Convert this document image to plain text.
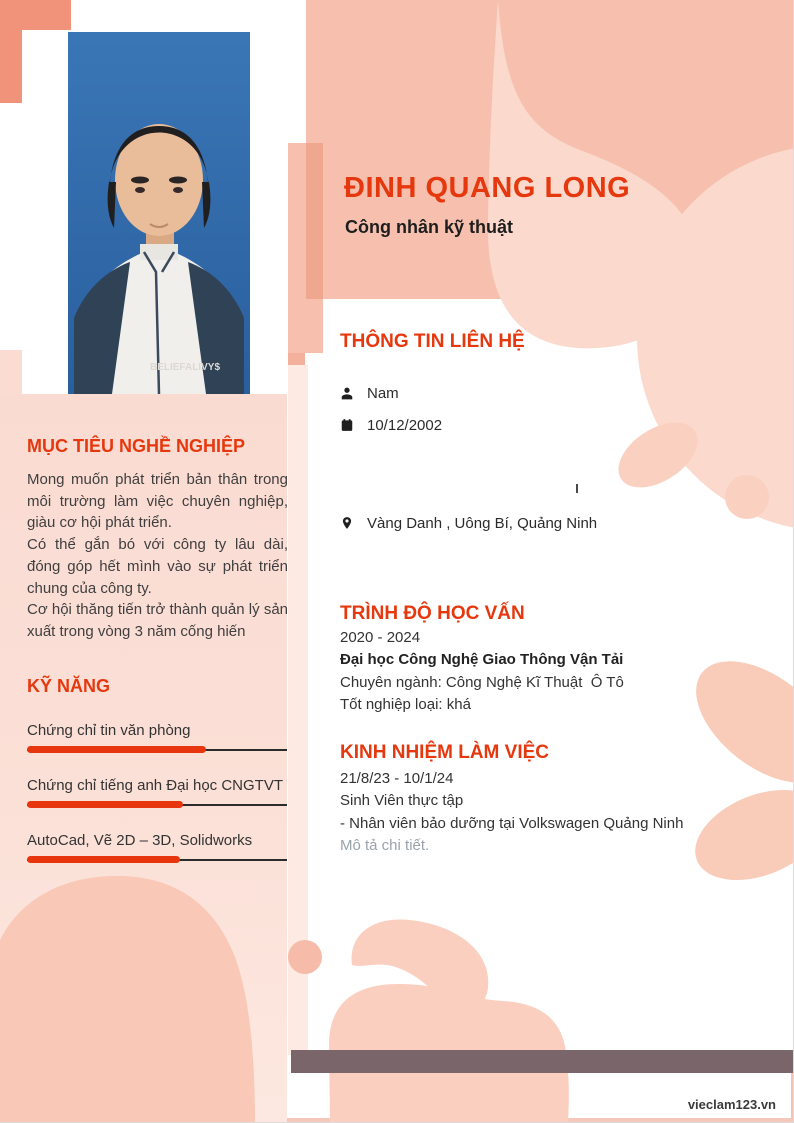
BELIEFALIVY$
ĐINH QUANG LONG
Công nhân kỹ thuật
THÔNG TIN LIÊN HỆ
Nam
10/12/2002
Vàng Danh , Uông Bí, Quảng Ninh
MỤC TIÊU NGHỀ NGHIỆP

Mong muốn phát triển bản thân trong môi trường làm việc chuyên nghiệp, giàu cơ hội phát triển.

Có thể gắn bó với công ty lâu dài, đóng góp hết mình vào sự phát triển chung của công ty.

Cơ hội thăng tiến trở thành quản lý sản xuất trong vòng 3 năm cống hiến

KỸ NĂNG
Chứng chỉ tin văn phòng
Chứng chỉ tiếng anh Đại học CNGTVT
AutoCad, Vẽ 2D – 3D, Solidworks
TRÌNH ĐỘ HỌC VẤN
2020 - 2024
Đại học Công Nghệ Giao Thông Vận Tải
Chuyên ngành: Công Nghệ Kĩ Thuật  Ô Tô
Tốt nghiệp loại: khá
KINH NHIỆM LÀM VIỆC
21/8/23 - 10/1/24
Sinh Viên thực tập
- Nhân viên bảo dưỡng tại Volkswagen Quảng Ninh
Mô tả chi tiết.
vieclam123.vn
